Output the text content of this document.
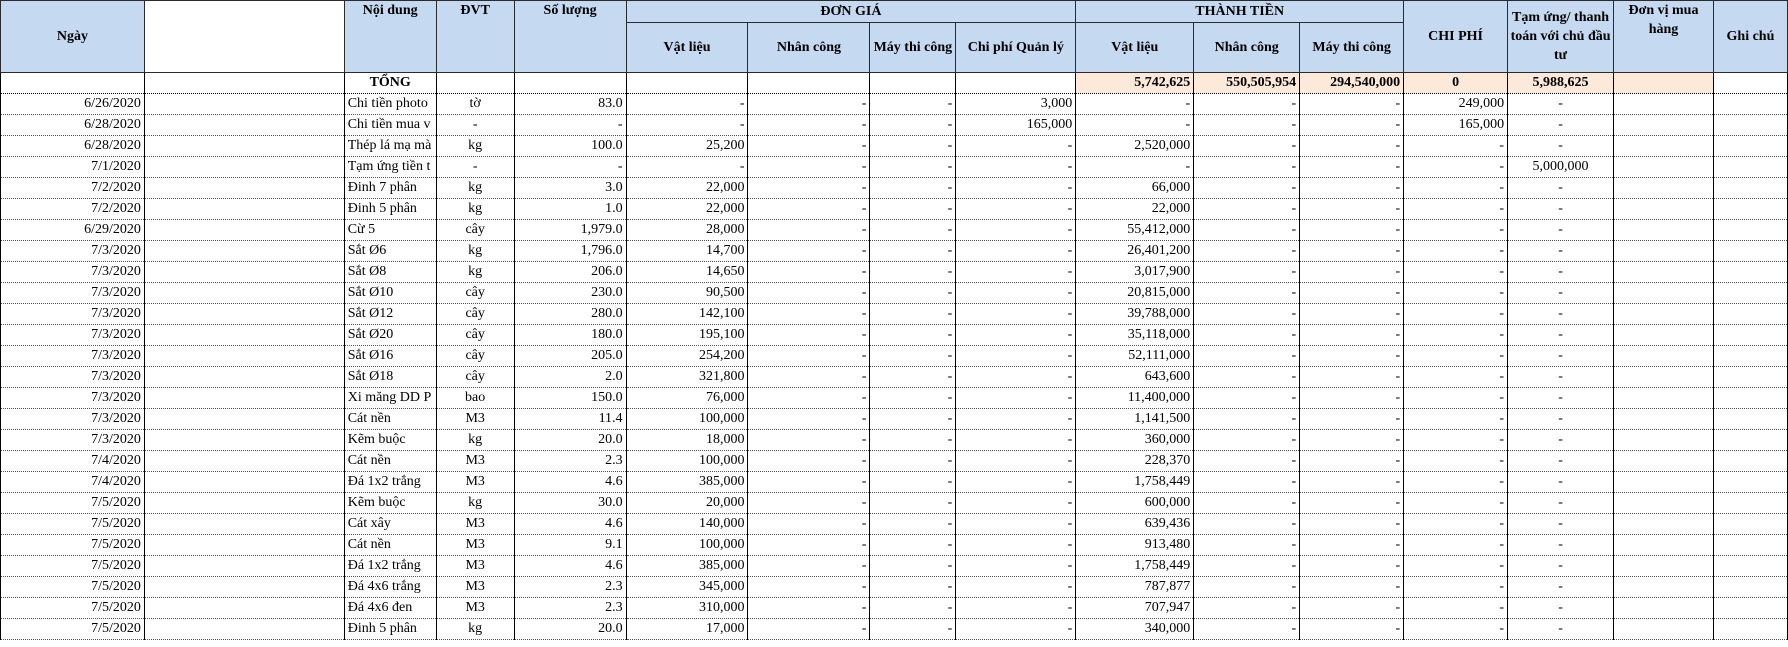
Ngày		Nội dung	ĐVT	Số lượng	ĐƠN GIÁ				THÀNH TIỀN			CHI PHÍ	Tạm ứng/ thanh toán với chủ đầu tư	Đơn vị mua hàng	Ghi chú
					Vật liệu	Nhân công	Máy thi công	Chi phí Quản lý	Vật liệu	Nhân công	Máy thi công				
		TỔNG							5,742,625	550,505,954	294,540,000	0	5,988,625		
6/26/2020		Chi tiền photo	tờ	83.0	-	-	-	3,000	-	-	-	249,000	-		
6/28/2020		Chi tiền mua v	-	-	-	-	-	165,000	-	-	-	165,000	-		
6/28/2020		Thép lá mạ mà	kg	100.0	25,200	-	-	-	2,520,000	-	-	-	-		
7/1/2020		Tạm ứng tiền t	-	-	-	-	-	-	-	-	-	-	5,000,000		
7/2/2020		Đinh 7 phân	kg	3.0	22,000	-	-	-	66,000	-	-	-	-		
7/2/2020		Đinh 5 phân	kg	1.0	22,000	-	-	-	22,000	-	-	-	-		
6/29/2020		Cừ 5	cây	1,979.0	28,000	-	-	-	55,412,000	-	-	-	-		
7/3/2020		Sắt Ø6	kg	1,796.0	14,700	-	-	-	26,401,200	-	-	-	-		
7/3/2020		Sắt Ø8	kg	206.0	14,650	-	-	-	3,017,900	-	-	-	-		
7/3/2020		Sắt Ø10	cây	230.0	90,500	-	-	-	20,815,000	-	-	-	-		
7/3/2020		Sắt Ø12	cây	280.0	142,100	-	-	-	39,788,000	-	-	-	-		
7/3/2020		Sắt Ø20	cây	180.0	195,100	-	-	-	35,118,000	-	-	-	-		
7/3/2020		Sắt Ø16	cây	205.0	254,200	-	-	-	52,111,000	-	-	-	-		
7/3/2020		Sắt Ø18	cây	2.0	321,800	-	-	-	643,600	-	-	-	-		
7/3/2020		Xi măng DD P	bao	150.0	76,000	-	-	-	11,400,000	-	-	-	-		
7/3/2020		Cát nền	M3	11.4	100,000	-	-	-	1,141,500	-	-	-	-		
7/3/2020		Kẽm buộc	kg	20.0	18,000	-	-	-	360,000	-	-	-	-		
7/4/2020		Cát nền	M3	2.3	100,000	-	-	-	228,370	-	-	-	-		
7/4/2020		Đá 1x2 trắng	M3	4.6	385,000	-	-	-	1,758,449	-	-	-	-		
7/5/2020		Kẽm buộc	kg	30.0	20,000	-	-	-	600,000	-	-	-	-		
7/5/2020		Cát xây	M3	4.6	140,000	-	-	-	639,436	-	-	-	-		
7/5/2020		Cát nền	M3	9.1	100,000	-	-	-	913,480	-	-	-	-		
7/5/2020		Đá 1x2 trắng	M3	4.6	385,000	-	-	-	1,758,449	-	-	-	-		
7/5/2020		Đá 4x6 trắng	M3	2.3	345,000	-	-	-	787,877	-	-	-	-		
7/5/2020		Đá 4x6 đen	M3	2.3	310,000	-	-	-	707,947	-	-	-	-		
7/5/2020		Đinh 5 phân	kg	20.0	17,000	-	-	-	340,000	-	-	-	-		
